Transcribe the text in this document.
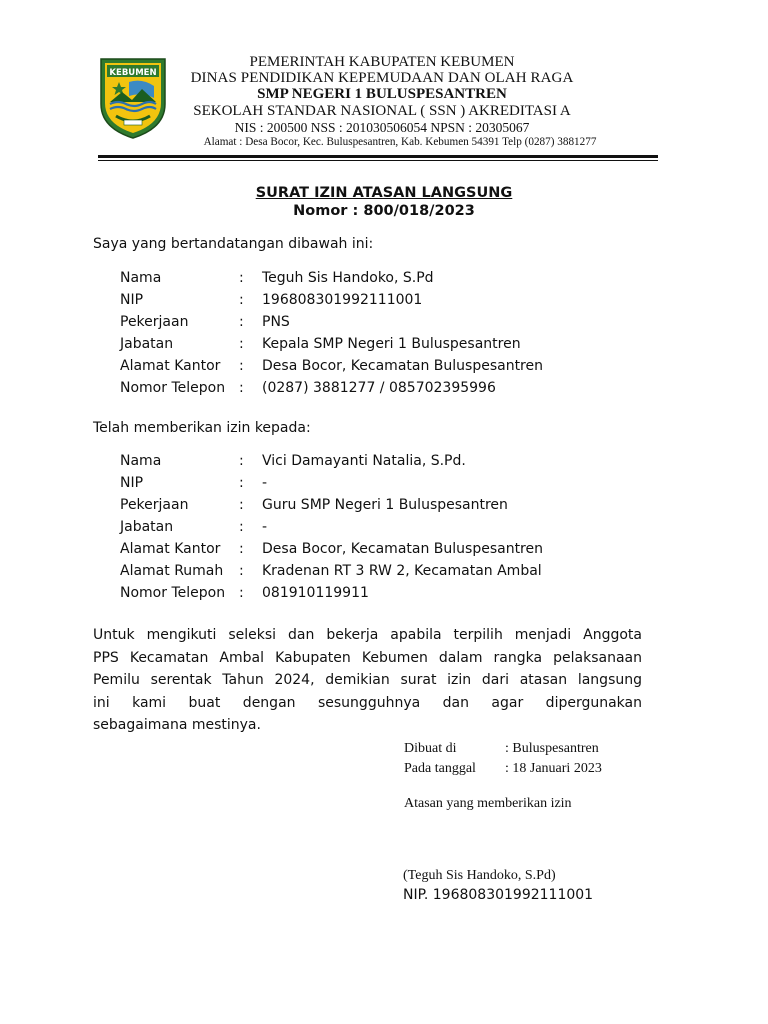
KEBUMEN
PEMERINTAH KABUPATEN KEBUMEN
DINAS PENDIDIKAN KEPEMUDAAN DAN OLAH RAGA
SMP NEGERI 1 BULUSPESANTREN
SEKOLAH STANDAR NASIONAL ( SSN ) AKREDITASI A
NIS : 200500 NSS : 201030506054 NPSN : 20305067
Alamat : Desa Bocor, Kec. Buluspesantren, Kab. Kebumen 54391 Telp (0287) 3881277
SURAT IZIN ATASAN LANGSUNG
Nomor : 800/018/2023
Saya yang bertandatangan dibawah ini:
Nama	: Teguh Sis Handoko, S.Pd
NIP	: 196808301992111001
Pekerjaan	: PNS
Jabatan	: Kepala SMP Negeri 1 Buluspesantren
Alamat Kantor : Desa Bocor, Kecamatan Buluspesantren
Nomor Telepon : (0287) 3881277 / 085702395996
Telah memberikan izin kepada:
Nama	: Vici Damayanti Natalia, S.Pd.
NIP	: -
Pekerjaan	: Guru SMP Negeri 1 Buluspesantren
Jabatan	: -
Alamat Kantor : Desa Bocor, Kecamatan Buluspesantren
Alamat Rumah : Kradenan RT 3 RW 2, Kecamatan Ambal
Nomor Telepon : 081910119911
Untuk mengikuti seleksi dan bekerja apabila terpilih menjadi Anggota
PPS Kecamatan Ambal Kabupaten Kebumen dalam rangka pelaksanaan
Pemilu serentak Tahun 2024, demikian surat izin dari atasan langsung
ini kami buat dengan sesungguhnya dan agar dipergunakan
sebagaimana mestinya.
Dibuat di	: Buluspesantren
Pada tanggal : 18 Januari 2023
Atasan yang memberikan izin
(Teguh Sis Handoko, S.Pd)
NIP. 196808301992111001
